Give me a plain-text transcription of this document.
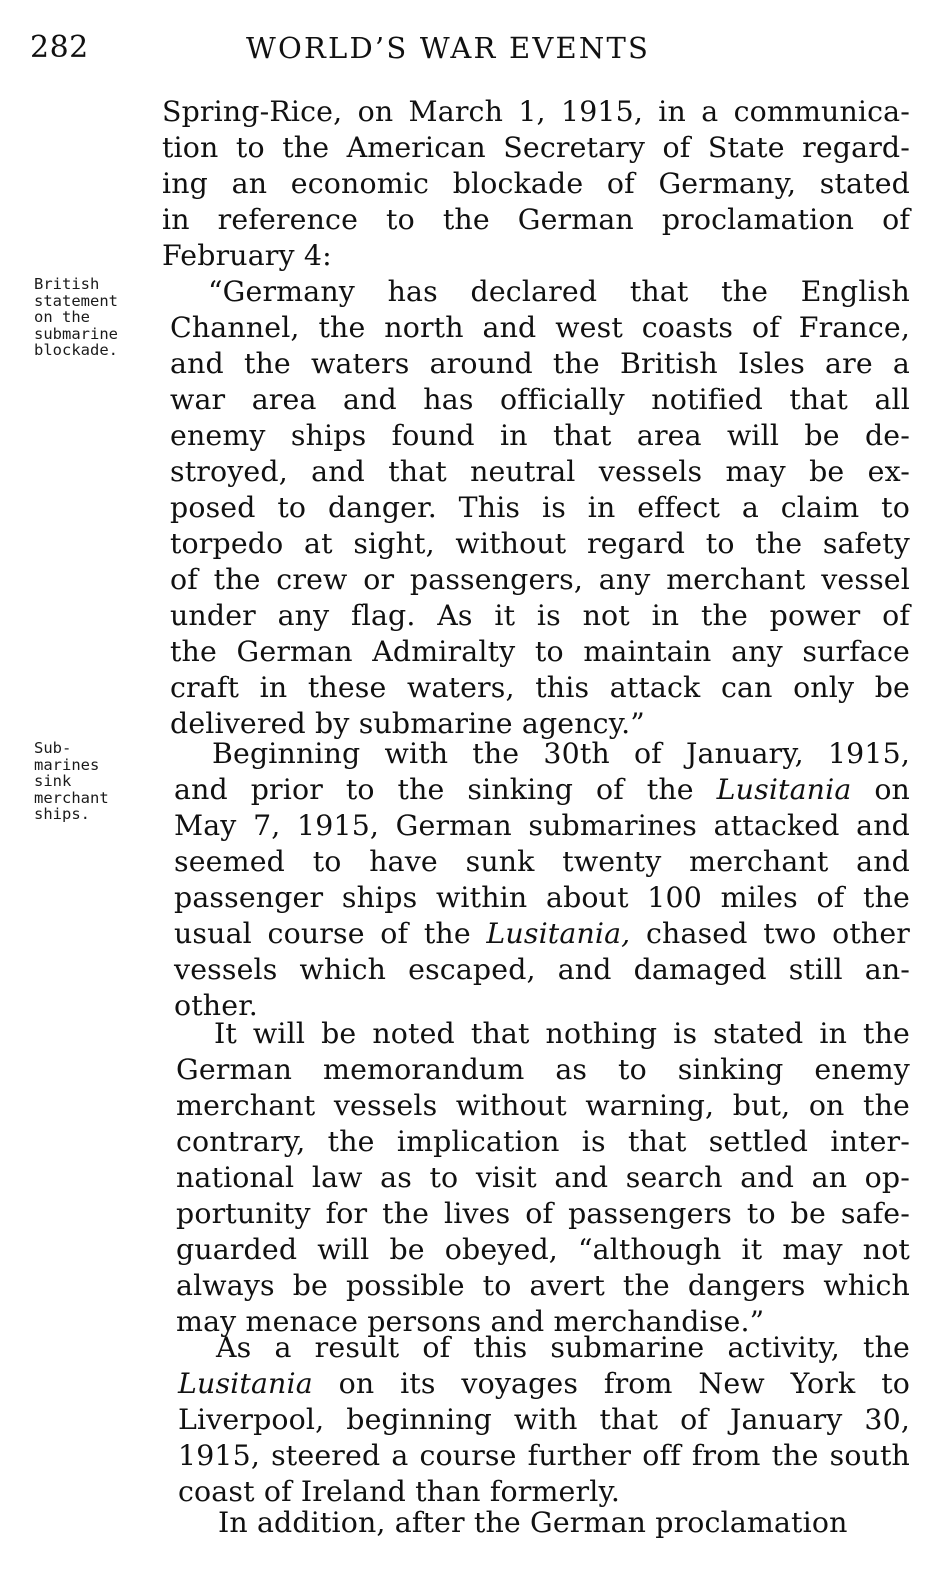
282	WORLD’S WAR EVENTS
British
statement
on the
submarine
blockade.
Sub-
marines
sink
merchant
ships.
Spring-Rice, on March 1, 1915, in a communica-
tion to the American Secretary of State regard-
ing an economic blockade of Germany, stated
in reference to the German proclamation of
February 4:
“Germany has declared that the English
Channel, the north and west coasts of France,
and the waters around the British Isles are a
war area and has officially notified that all
enemy ships found in that area will be de-
stroyed, and that neutral vessels may be ex-
posed to danger. This is in effect a claim to
torpedo at sight, without regard to the safety
of the crew or passengers, any merchant vessel
under any flag. As it is not in the power of
the German Admiralty to maintain any surface
craft in these waters, this attack can only be
delivered by submarine agency.”
Beginning with the 30th of January, 1915,
and prior to the sinking of the Lusitania on
May 7, 1915, German submarines attacked and
seemed to have sunk twenty merchant and
passenger ships within about 100 miles of the
usual course of the Lusitania, chased two other
vessels which escaped, and damaged still an-
other.
It will be noted that nothing is stated in the
German memorandum as to sinking enemy
merchant vessels without warning, but, on the
contrary, the implication is that settled inter-
national law as to visit and search and an op-
portunity for the lives of passengers to be safe-
guarded will be obeyed, “although it may not
always be possible to avert the dangers which
may menace persons and merchandise.”
As a result of this submarine activity, the
Lusitania on its voyages from New York to
Liverpool, beginning with that of January 30,
1915, steered a course further off from the south
coast of Ireland than formerly.
In addition, after the German proclamation
